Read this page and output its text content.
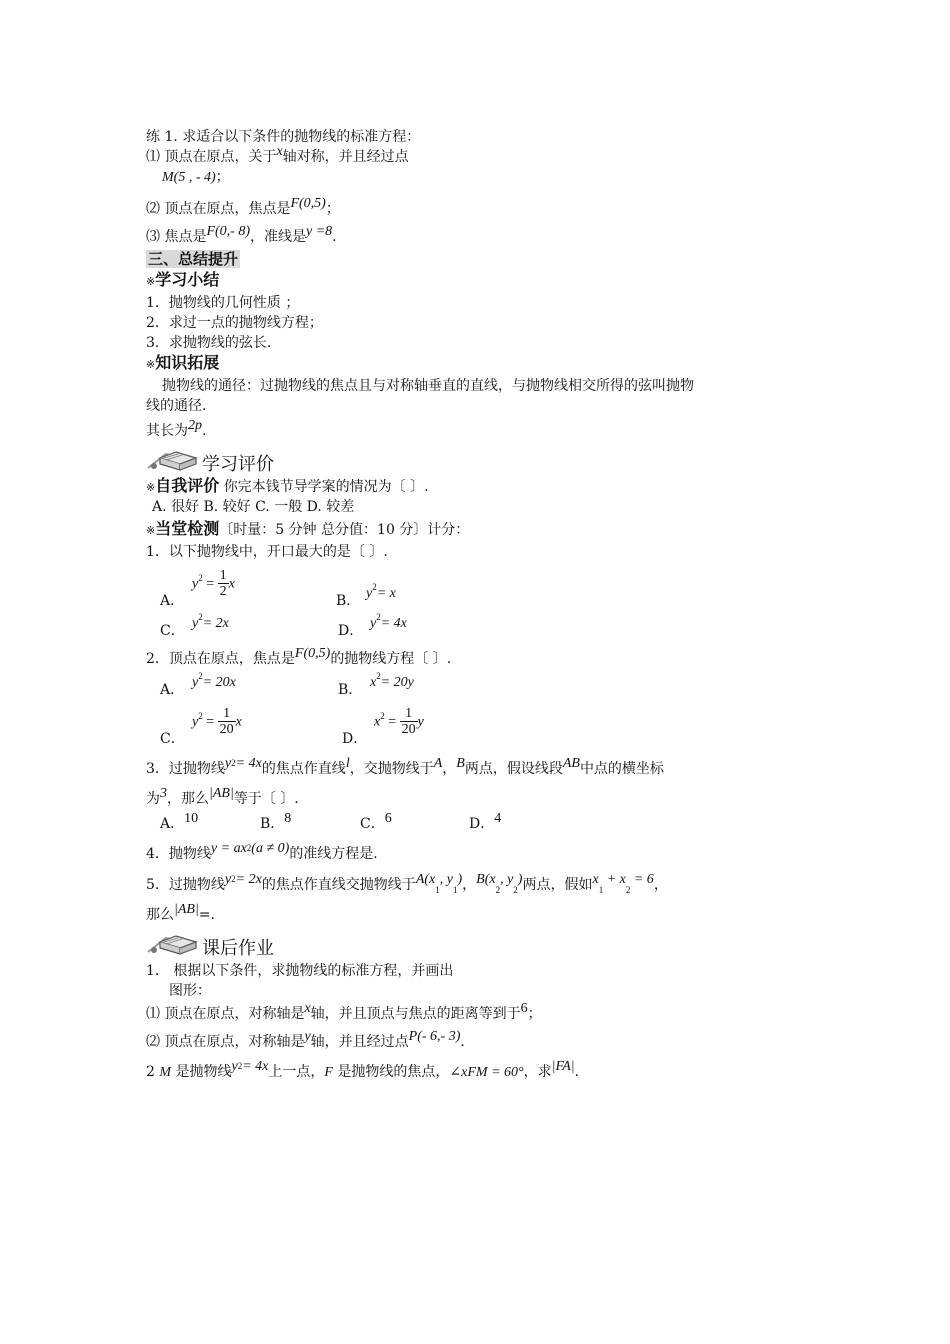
练 1. 求适合以下条件的抛物线的标准方程：
⑴ 顶点在原点，关于x轴对称，并且经过点
M(5 , - 4)；
⑵ 顶点在原点，焦点是F(0,5)；
⑶ 焦点是F(0,- 8)，准线是y =8.
三、总结提升
※学习小结
1．抛物线的几何性质 ；
2．求过一点的抛物线方程；
3．求抛物线的弦长.
※知识拓展
抛物线的通径：过抛物线的焦点且与对称轴垂直的直线，与抛物线相交所得的弦叫抛物
线的通径.
其长为2p.
学习评价
※自我评价 你完本钱节导学案的情况为〔 〕.
A. 很好 B. 较好 C. 一般 D. 较差
※当堂检测〔时量：5 分钟 总分值：10 分〕计分：
1．以下抛物线中，开口最大的是〔 〕.
A．
$y^2 = \frac{1}{2}$ x
B． $y^2= x$
C． $y^2= 2x$	D． $y^2= 4x$
2．顶点在原点，焦点是F(0,5)的抛物线方程〔 〕.
A． $y^2= 20x$	B． $x^2= 20y$
C．
$y^2 = \frac{1}{20}$ x
D．
$x^2 = \frac{1}{20}$ y
3．过抛物线$y^2= 4x$的焦点作直线l，交抛物线于A，B两点，假设线段AB中点的横坐标
为3，那么|AB|等于〔 〕.
A．10	B．8	C．6	D．4
4．抛物线$y = ax^2(a \ne 0)$的准线方程是.
5．过抛物线$y^2= 2x$的焦点作直线交抛物线于$A(x_1$, $y_1$)，$B(x_2$, $y_2$)两点，假如$x_1 + x_2 = 6$，
那么|AB|=.
课后作业
1． 根据以下条件，求抛物线的标准方程，并画出
图形：
⑴ 顶点在原点，对称轴是x轴，并且顶点与焦点的距离等到于6；
⑵ 顶点在原点，对称轴是y轴，并且经过点P(- 6,- 3).
2 M 是抛物线$y^2= 4x$上一点，F 是抛物线的焦点，∠xFM = 60°，求|FA|.
